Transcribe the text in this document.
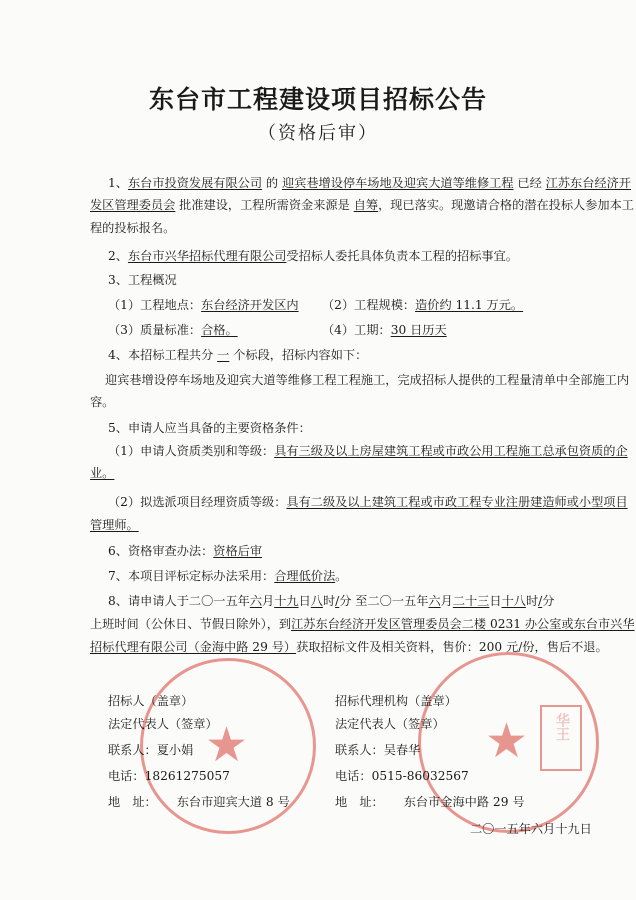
东台市工程建设项目招标公告
（资格后审）
1、东台市投资发展有限公司 的 迎宾巷增设停车场地及迎宾大道等维修工程 已经 江苏东台经济开
发区管理委员会 批准建设，工程所需资金来源是 自筹，现已落实。现邀请合格的潜在投标人参加本工
程的投标报名。
2、东台市兴华招标代理有限公司受招标人委托具体负责本工程的招标事宜。
3、工程概况
（1）工程地点：东台经济开发区内 （2）工程规模：造价约 11.1 万元。
（3）质量标准：合格。	（4）工期：30 日历天
4、本招标工程共分 一 个标段，招标内容如下：
迎宾巷增设停车场地及迎宾大道等维修工程工程施工，完成招标人提供的工程量清单中全部施工内
容。
5、申请人应当具备的主要资格条件：
（1）申请人资质类别和等级：具有三级及以上房屋建筑工程或市政公用工程施工总承包资质的企
业。
（2）拟选派项目经理资质等级：具有二级及以上建筑工程或市政工程专业注册建造师或小型项目
管理师。
6、资格审查办法：资格后审
7、本项目评标定标办法采用：合理低价法。
8、请申请人于二〇一五年六月十九日八时/分 至二〇一五年六月二十三日十八时/分
上班时间（公休日、节假日除外），到江苏东台经济开发区管理委员会二楼 0231 办公室或东台市兴华
招标代理有限公司（金海中路 29 号）获取招标文件及相关资料，售价：200 元/份，售后不退。
★	★ 华王
招标人（盖章）
法定代表人（签章）
联系人：夏小娟
电话：18261275057
地　址： 东台市迎宾大道 8 号
招标代理机构（盖章）
法定代表人（签章）
联系人：吴春华
电话：0515-86032567
地　址： 东台市金海中路 29 号
二〇一五年六月十九日
